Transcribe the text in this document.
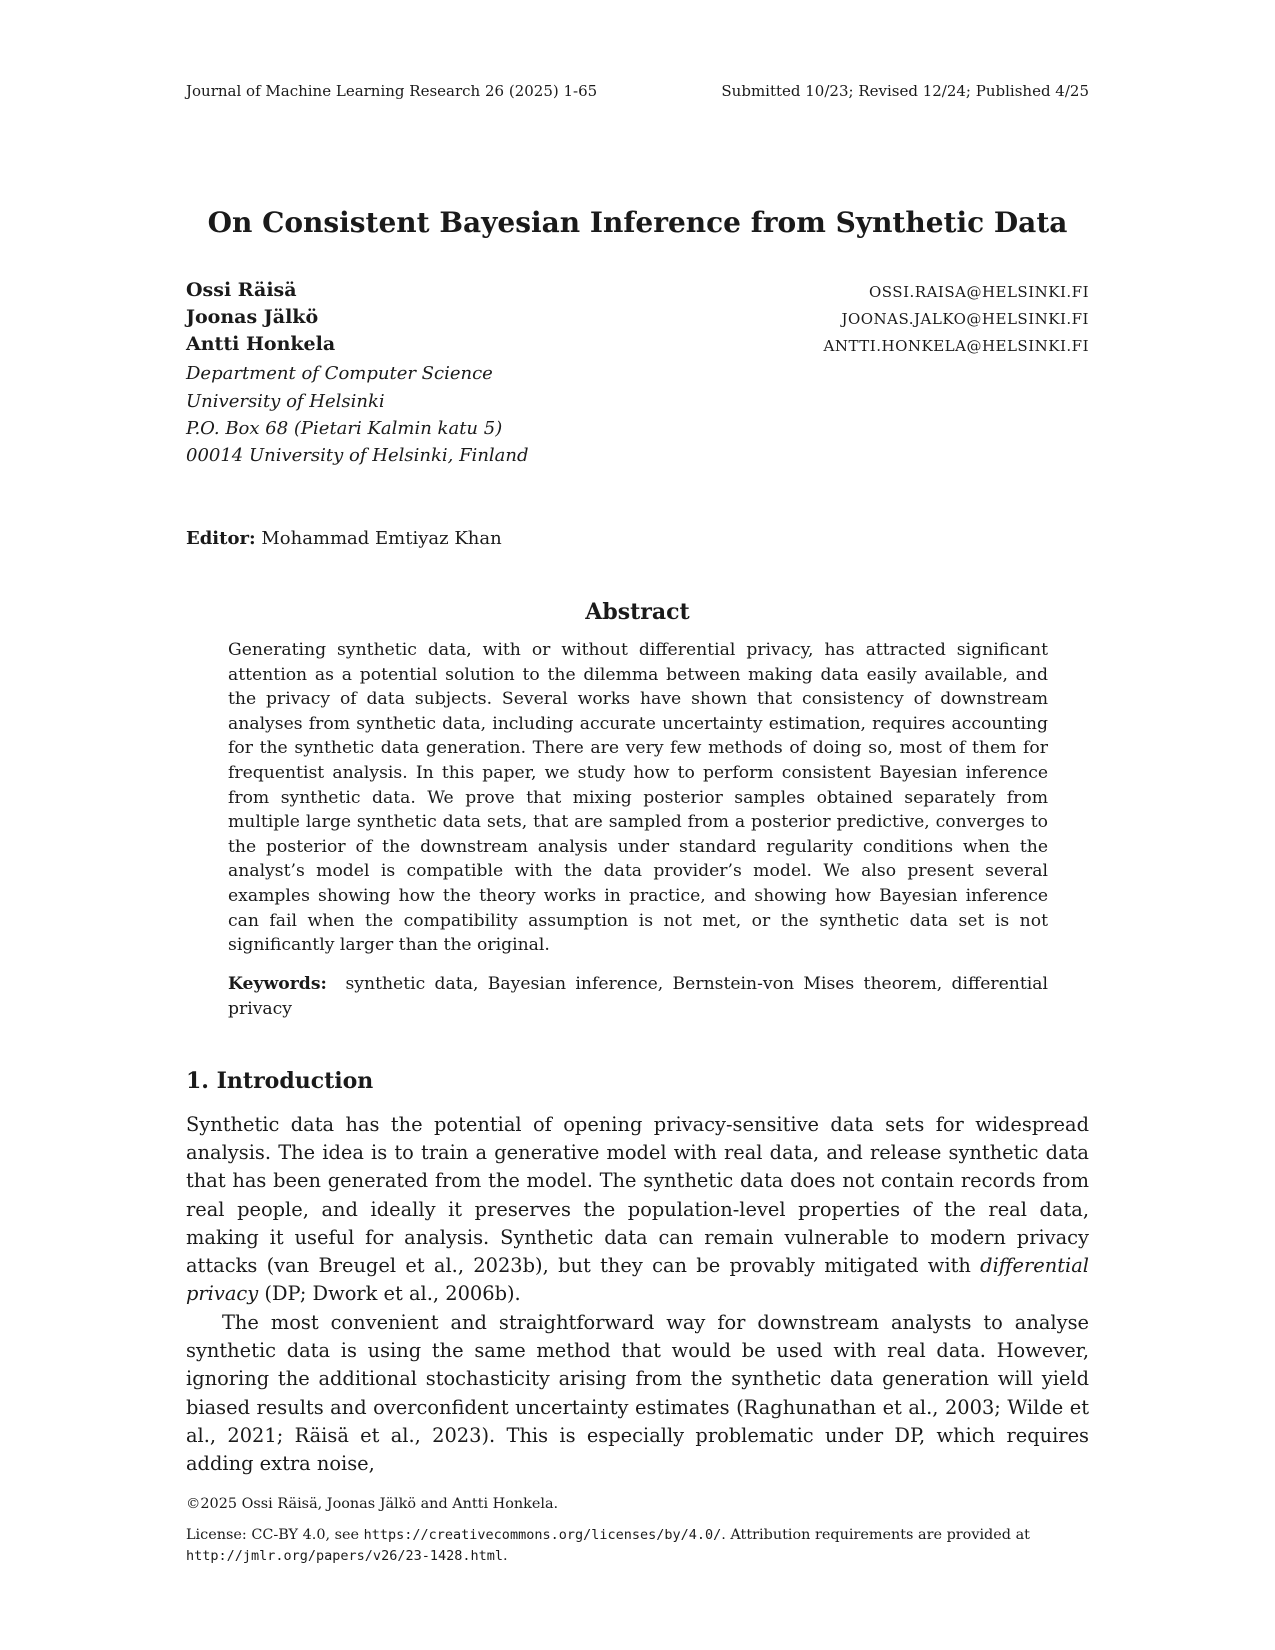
Journal of Machine Learning Research 26 (2025) 1-65	Submitted 10/23; Revised 12/24; Published 4/25
On Consistent Bayesian Inference from Synthetic Data
Ossi Räisä
Joonas Jälkö
Antti Honkela
OSSI.RAISA@HELSINKI.FI
JOONAS.JALKO@HELSINKI.FI
ANTTI.HONKELA@HELSINKI.FI
Department of Computer Science
University of Helsinki
P.O. Box 68 (Pietari Kalmin katu 5)
00014 University of Helsinki, Finland
Editor: Mohammad Emtiyaz Khan
Abstract
Generating synthetic data, with or without differential privacy, has attracted significant attention as a potential solution to the dilemma between making data easily available, and the privacy of data subjects. Several works have shown that consistency of downstream analyses from synthetic data, including accurate uncertainty estimation, requires accounting for the synthetic data generation. There are very few methods of doing so, most of them for frequentist analysis. In this paper, we study how to perform consistent Bayesian inference from synthetic data. We prove that mixing posterior samples obtained separately from multiple large synthetic data sets, that are sampled from a posterior predictive, converges to the posterior of the downstream analysis under standard regularity conditions when the analyst’s model is compatible with the data provider’s model. We also present several examples showing how the theory works in practice, and showing how Bayesian inference can fail when the compatibility assumption is not met, or the synthetic data set is not significantly larger than the original.
Keywords: synthetic data, Bayesian inference, Bernstein-von Mises theorem, differential privacy
1. Introduction
Synthetic data has the potential of opening privacy-sensitive data sets for widespread analysis. The idea is to train a generative model with real data, and release synthetic data that has been generated from the model. The synthetic data does not contain records from real people, and ideally it preserves the population-level properties of the real data, making it useful for analysis. Synthetic data can remain vulnerable to modern privacy attacks (van Breugel et al., 2023b), but they can be provably mitigated with differential privacy (DP; Dwork et al., 2006b).
The most convenient and straightforward way for downstream analysts to analyse synthetic data is using the same method that would be used with real data. However, ignoring the additional stochasticity arising from the synthetic data generation will yield biased results and overconfident uncertainty estimates (Raghunathan et al., 2003; Wilde et al., 2021; Räisä et al., 2023). This is especially problematic under DP, which requires adding extra noise,
©2025 Ossi Räisä, Joonas Jälkö and Antti Honkela.
License: CC-BY 4.0, see https://creativecommons.org/licenses/by/4.0/. Attribution requirements are provided at http://jmlr.org/papers/v26/23-1428.html.
